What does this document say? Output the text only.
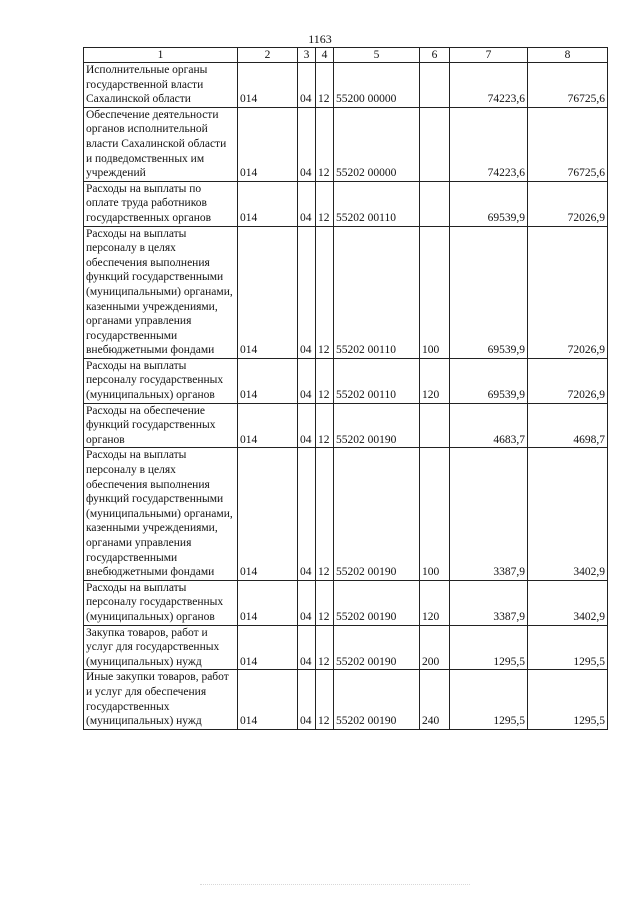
1163
1	2	3	4	5	6	7	8
Исполнительные органы государственной власти Сахалинской области	014	04	12	55200 00000		74223,6	76725,6
Обеспечение деятельности органов исполнительной власти Сахалинской области и подведомственных им учреждений	014	04	12	55202 00000		74223,6	76725,6
Расходы на выплаты по оплате труда работников государственных органов	014	04	12	55202 00110		69539,9	72026,9
Расходы на выплаты персоналу в целях обеспечения выполнения функций государственными (муниципальными) органами, казенными учреждениями, органами управления государственными внебюджетными фондами	014	04	12	55202 00110	100	69539,9	72026,9
Расходы на выплаты персоналу государственных (муниципальных) органов	014	04	12	55202 00110	120	69539,9	72026,9
Расходы на обеспечение функций государственных органов	014	04	12	55202 00190		4683,7	4698,7
Расходы на выплаты персоналу в целях обеспечения выполнения функций государственными (муниципальными) органами, казенными учреждениями, органами управления государственными внебюджетными фондами	014	04	12	55202 00190	100	3387,9	3402,9
Расходы на выплаты персоналу государственных (муниципальных) органов	014	04	12	55202 00190	120	3387,9	3402,9
Закупка товаров, работ и услуг для государственных (муниципальных) нужд	014	04	12	55202 00190	200	1295,5	1295,5
Иные закупки товаров, работ и услуг для обеспечения государственных (муниципальных) нужд	014	04	12	55202 00190	240	1295,5	1295,5
